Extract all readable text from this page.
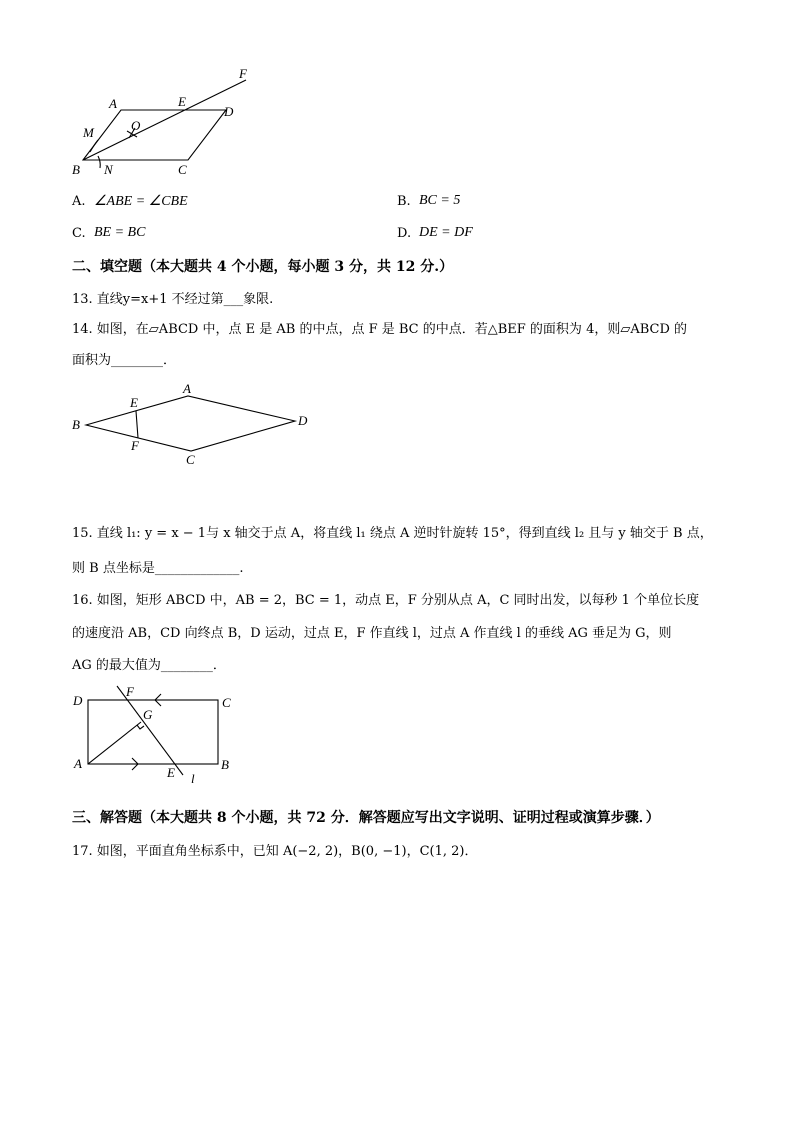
F
A	E
D
M	O
B N	C
A. ∠ABE = ∠CBE	B. BC = 5
C. BE = BC	D. DE = DF
二、填空题（本大题共 4 个小题，每小题 3 分，共 12 分.）
13. 直线y=x+1 不经过第___象限.
14. 如图，在▱ABCD 中，点 E 是 AB 的中点，点 F 是 BC 的中点．若△BEF 的面积为 4，则▱ABCD 的
面积为________．
A
E
B	D
F
C
15. 直线 l₁: y = x − 1与 x 轴交于点 A，将直线 l₁ 绕点 A 逆时针旋转 15°，得到直线 l₂ 且与 y 轴交于 B 点，
则 B 点坐标是_____________.
16. 如图，矩形 ABCD 中，AB = 2，BC = 1，动点 E，F 分别从点 A，C 同时出发，以每秒 1 个单位长度
的速度沿 AB，CD 向终点 B，D 运动，过点 E，F 作直线 l，过点 A 作直线 l 的垂线 AG 垂足为 G，则
AG 的最大值为________．
D
F
C
G
A
E l
B
三、解答题（本大题共 8 个小题，共 72 分．解答题应写出文字说明、证明过程或演算步骤．）
17. 如图，平面直角坐标系中，已知 A(−2, 2)，B(0, −1)，C(1, 2)．
